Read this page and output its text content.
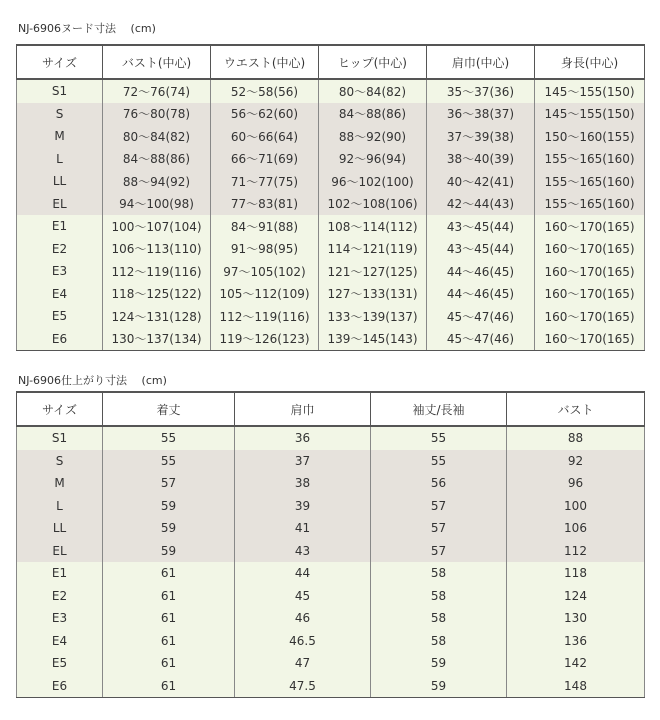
NJ-6906ヌード寸法　 (cm)
サイズ	バスト(中心)	ウエスト(中心)	ヒップ(中心)	肩巾(中心)	身長(中心)
S1	72～76(74)	52～58(56)	80～84(82)	35～37(36)	145～155(150)
S	76～80(78)	56～62(60)	84～88(86)	36～38(37)	145～155(150)
M	80～84(82)	60～66(64)	88～92(90)	37～39(38)	150～160(155)
L	84～88(86)	66～71(69)	92～96(94)	38～40(39)	155～165(160)
LL	88～94(92)	71～77(75)	96～102(100)	40～42(41)	155～165(160)
EL	94～100(98)	77～83(81)	102～108(106)	42～44(43)	155～165(160)
E1	100～107(104)	84～91(88)	108～114(112)	43～45(44)	160～170(165)
E2	106～113(110)	91～98(95)	114～121(119)	43～45(44)	160～170(165)
E3	112～119(116)	97～105(102)	121～127(125)	44～46(45)	160～170(165)
E4	118～125(122)	105～112(109)	127～133(131)	44～46(45)	160～170(165)
E5	124～131(128)	112～119(116)	133～139(137)	45～47(46)	160～170(165)
E6	130～137(134)	119～126(123)	139～145(143)	45～47(46)	160～170(165)
NJ-6906仕上がり寸法　 (cm)
サイズ	着丈	肩巾	袖丈/長袖	バスト
S1	55	36	55	88
S	55	37	55	92
M	57	38	56	96
L	59	39	57	100
LL	59	41	57	106
EL	59	43	57	112
E1	61	44	58	118
E2	61	45	58	124
E3	61	46	58	130
E4	61	46.5	58	136
E5	61	47	59	142
E6	61	47.5	59	148
